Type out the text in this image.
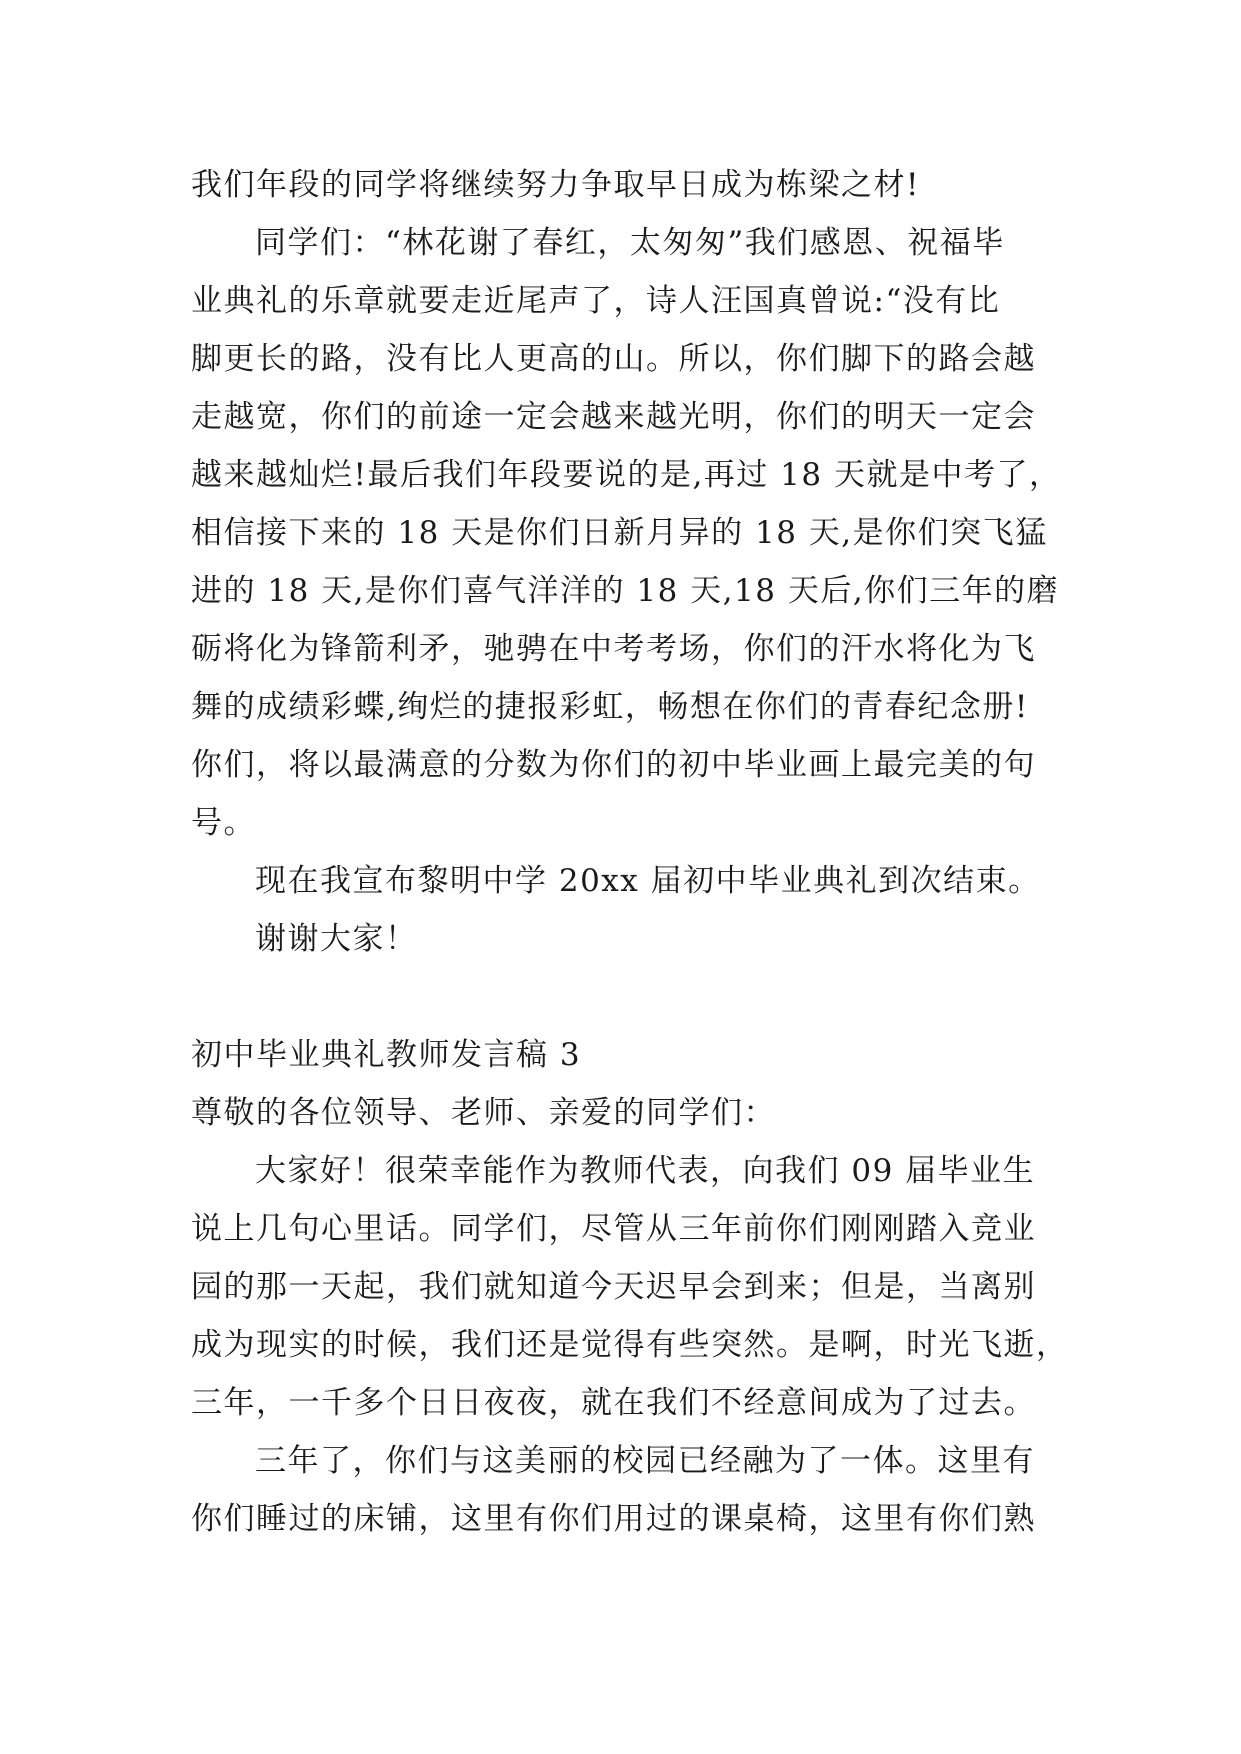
我们年段的同学将继续努力争取早日成为栋梁之材!
同学们：“林花谢了春红，太匆匆”我们感恩、祝福毕
业典礼的乐章就要走近尾声了，诗人汪国真曾说:“没有比
脚更长的路，没有比人更高的山。所以，你们脚下的路会越
走越宽，你们的前途一定会越来越光明，你们的明天一定会
越来越灿烂!最后我们年段要说的是,再过 18 天就是中考了，
相信接下来的 18 天是你们日新月异的 18 天,是你们突飞猛
进的 18 天,是你们喜气洋洋的 18 天,18 天后,你们三年的磨
砺将化为锋箭利矛，驰骋在中考考场，你们的汗水将化为飞
舞的成绩彩蝶,绚烂的捷报彩虹，畅想在你们的青春纪念册!
你们，将以最满意的分数为你们的初中毕业画上最完美的句
号。
现在我宣布黎明中学 20xx 届初中毕业典礼到次结束。
谢谢大家！
初中毕业典礼教师发言稿 3
尊敬的各位领导、老师、亲爱的同学们：
大家好！很荣幸能作为教师代表，向我们 09 届毕业生
说上几句心里话。同学们，尽管从三年前你们刚刚踏入竞业
园的那一天起，我们就知道今天迟早会到来；但是，当离别
成为现实的时候，我们还是觉得有些突然。是啊，时光飞逝，
三年，一千多个日日夜夜，就在我们不经意间成为了过去。
三年了，你们与这美丽的校园已经融为了一体。这里有
你们睡过的床铺，这里有你们用过的课桌椅，这里有你们熟
